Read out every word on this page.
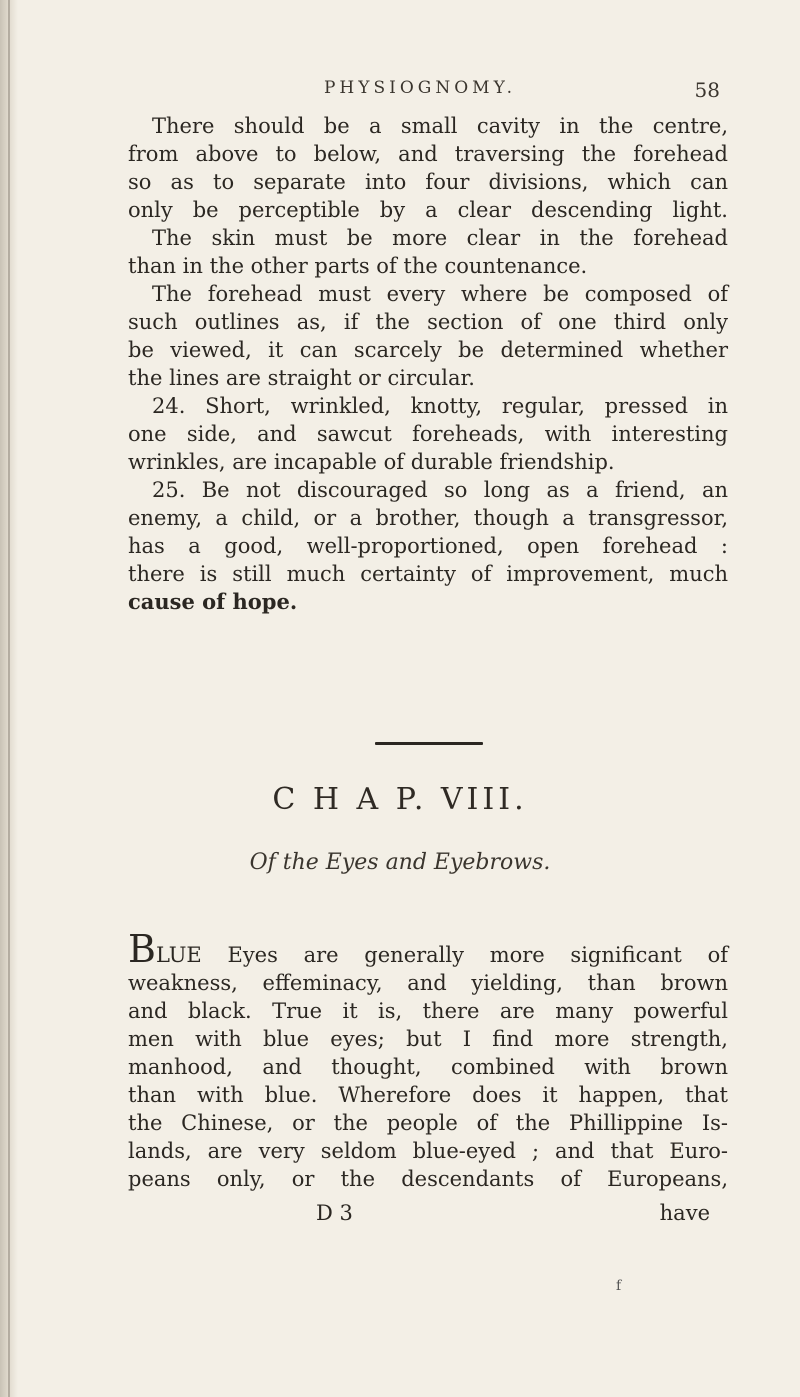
PHYSIOGNOMY.	58
There should be a small cavity in the centre,
from above to below, and traversing the forehead
so as to separate into four divisions, which can
only be perceptible by a clear descending light.
The skin must be more clear in the forehead
than in the other parts of the countenance.
The forehead must every where be composed of
such outlines as, if the section of one third only
be viewed, it can scarcely be determined whether
the lines are straight or circular.
24. Short, wrinkled, knotty, regular, pressed in
one side, and sawcut foreheads, with interesting
wrinkles, are incapable of durable friendship.
25. Be not discouraged so long as a friend, an
enemy, a child, or a brother, though a transgressor,
has a good, well-proportioned, open forehead :
there is still much certainty of improvement, much
cause of hope.
C H A P. VIII.
Of the Eyes and Eyebrows.
BLUE Eyes are generally more significant of
weakness, effeminacy, and yielding, than brown
and black. True it is, there are many powerful
men with blue eyes; but I find more strength,
manhood, and thought, combined with brown
than with blue. Wherefore does it happen, that
the Chinese, or the people of the Phillippine Is-
lands, are very seldom blue-eyed ; and that Euro-
peans only, or the descendants of Europeans,
D 3	have
f
